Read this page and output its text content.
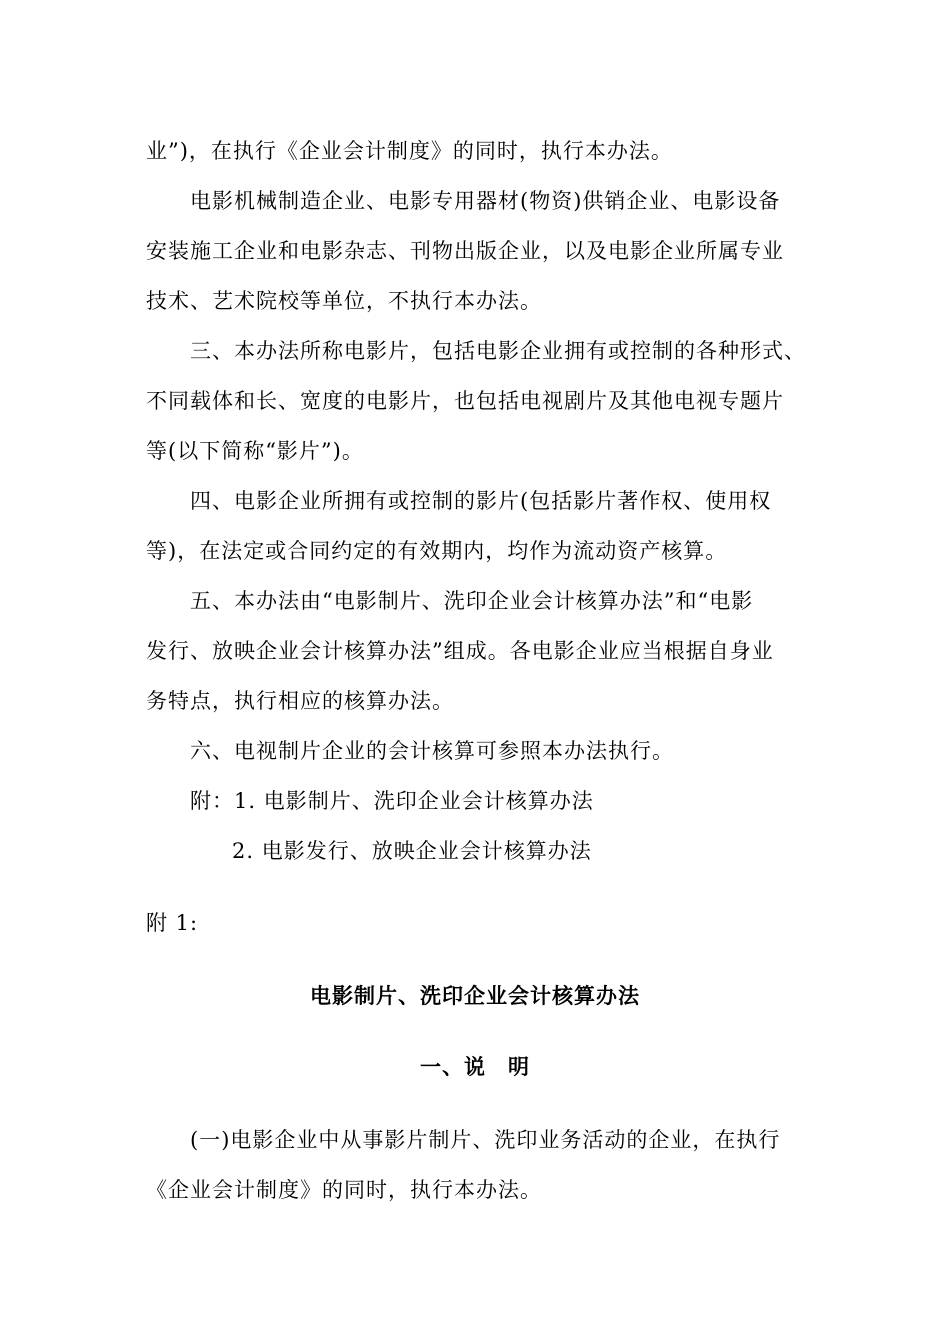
业”)，在执行《企业会计制度》的同时，执行本办法。
电影机械制造企业、电影专用器材(物资)供销企业、电影设备
安装施工企业和电影杂志、刊物出版企业，以及电影企业所属专业
技术、艺术院校等单位，不执行本办法。
三、本办法所称电影片，包括电影企业拥有或控制的各种形式、
不同载体和长、宽度的电影片，也包括电视剧片及其他电视专题片
等(以下简称“影片”)。
四、电影企业所拥有或控制的影片(包括影片著作权、使用权
等)，在法定或合同约定的有效期内，均作为流动资产核算。
五、本办法由“电影制片、洗印企业会计核算办法”和“电影
发行、放映企业会计核算办法”组成。各电影企业应当根据自身业
务特点，执行相应的核算办法。
六、电视制片企业的会计核算可参照本办法执行。
附：1. 电影制片、洗印企业会计核算办法
2. 电影发行、放映企业会计核算办法
附 1:
电影制片、洗印企业会计核算办法
一、说　明
(一)电影企业中从事影片制片、洗印业务活动的企业，在执行
《企业会计制度》的同时，执行本办法。
